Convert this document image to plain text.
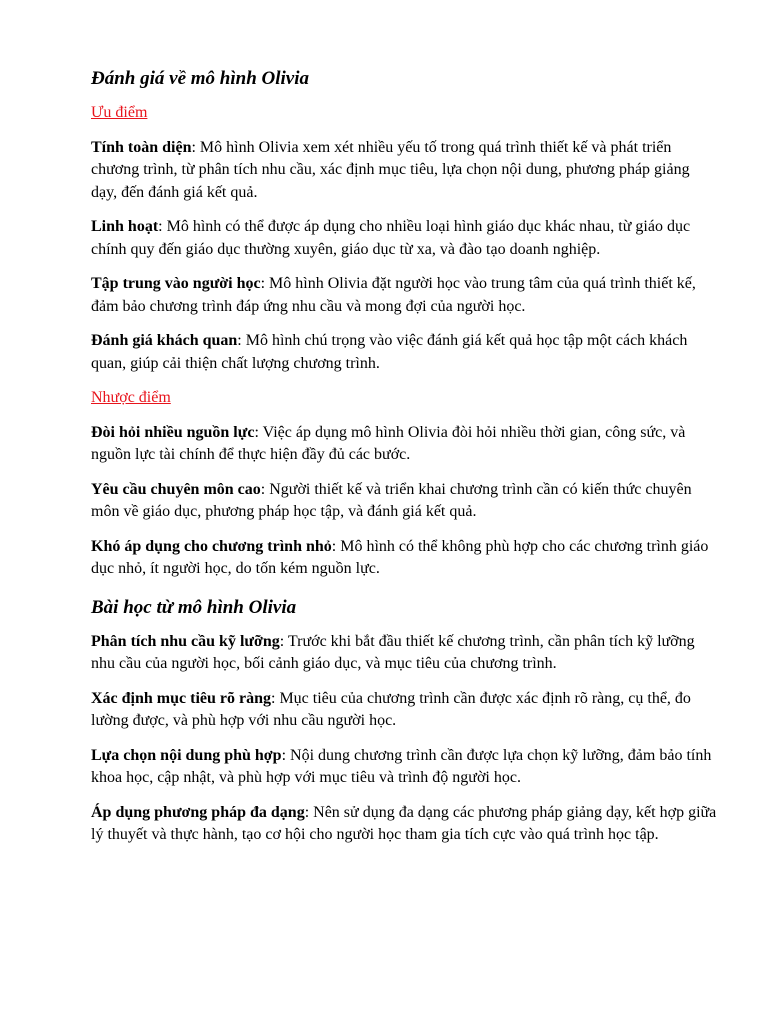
Đánh giá về mô hình Olivia
Ưu điểm

Tính toàn diện: Mô hình Olivia xem xét nhiều yếu tố trong quá trình thiết kế và phát triển chương trình, từ phân tích nhu cầu, xác định mục tiêu, lựa chọn nội dung, phương pháp giảng dạy, đến đánh giá kết quả.

Linh hoạt: Mô hình có thể được áp dụng cho nhiều loại hình giáo dục khác nhau, từ giáo dục chính quy đến giáo dục thường xuyên, giáo dục từ xa, và đào tạo doanh nghiệp.

Tập trung vào người học: Mô hình Olivia đặt người học vào trung tâm của quá trình thiết kế, đảm bảo chương trình đáp ứng nhu cầu và mong đợi của người học.

Đánh giá khách quan: Mô hình chú trọng vào việc đánh giá kết quả học tập một cách khách quan, giúp cải thiện chất lượng chương trình.

Nhược điểm

Đòi hỏi nhiều nguồn lực: Việc áp dụng mô hình Olivia đòi hỏi nhiều thời gian, công sức, và nguồn lực tài chính để thực hiện đầy đủ các bước.

Yêu cầu chuyên môn cao: Người thiết kế và triển khai chương trình cần có kiến thức chuyên môn về giáo dục, phương pháp học tập, và đánh giá kết quả.

Khó áp dụng cho chương trình nhỏ: Mô hình có thể không phù hợp cho các chương trình giáo dục nhỏ, ít người học, do tốn kém nguồn lực.

Bài học từ mô hình Olivia

Phân tích nhu cầu kỹ lưỡng: Trước khi bắt đầu thiết kế chương trình, cần phân tích kỹ lưỡng nhu cầu của người học, bối cảnh giáo dục, và mục tiêu của chương trình.

Xác định mục tiêu rõ ràng: Mục tiêu của chương trình cần được xác định rõ ràng, cụ thể, đo lường được, và phù hợp với nhu cầu người học.

Lựa chọn nội dung phù hợp: Nội dung chương trình cần được lựa chọn kỹ lưỡng, đảm bảo tính khoa học, cập nhật, và phù hợp với mục tiêu và trình độ người học.

Áp dụng phương pháp đa dạng: Nên sử dụng đa dạng các phương pháp giảng dạy, kết hợp giữa lý thuyết và thực hành, tạo cơ hội cho người học tham gia tích cực vào quá trình học tập.
